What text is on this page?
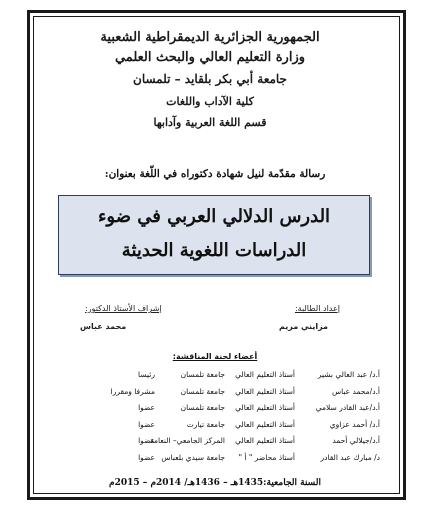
الجمهورية الجزائرية الديمقراطية الشعبية
وزارة التعليم العالي والبحث العلمي
جامعة أبي بكر بلقايد – تلمسان
كلية الآداب واللغات
قسم اللغة العربية وآدابها
رسالة مقدّمة لنيل شهادة دكتوراه في اللّغة بعنوان:
الدرس الدلالي العربي في ضوء
الدراسات اللغوية الحديثة
إعداد الطالبة:
إشراف الأستاذ الدكتور:
مزايني مريم
محمد عباس
أعضاء لجنة المناقشة:
أ.د/ عبد العالي بشير
أستاذ التعليم العالي
جامعة تلمسان
رئيسا
أ.د/محمد عباس
أستاذ التعليم العالي
جامعة تلمسان
مشرفا ومقررا
أ.د/عبد القادر سلامي
أستاذ التعليم العالي
جامعة تلمسان
عضوا
أ.د/ أحمد عزاوي
أستاذ التعليم العالي
جامعة تيارت
عضوا
أ.د/جيلالي أحمد
أستاذ التعليم العالي
المركز الجامعي– النعامة
عضوا
د/ مبارك عبد القادر
أستاذ محاضر " أ "
جامعة سيدي بلعباس
عضوا
السنة الجامعية:1435هـ – 1436هـ/ 2014م – 2015م
